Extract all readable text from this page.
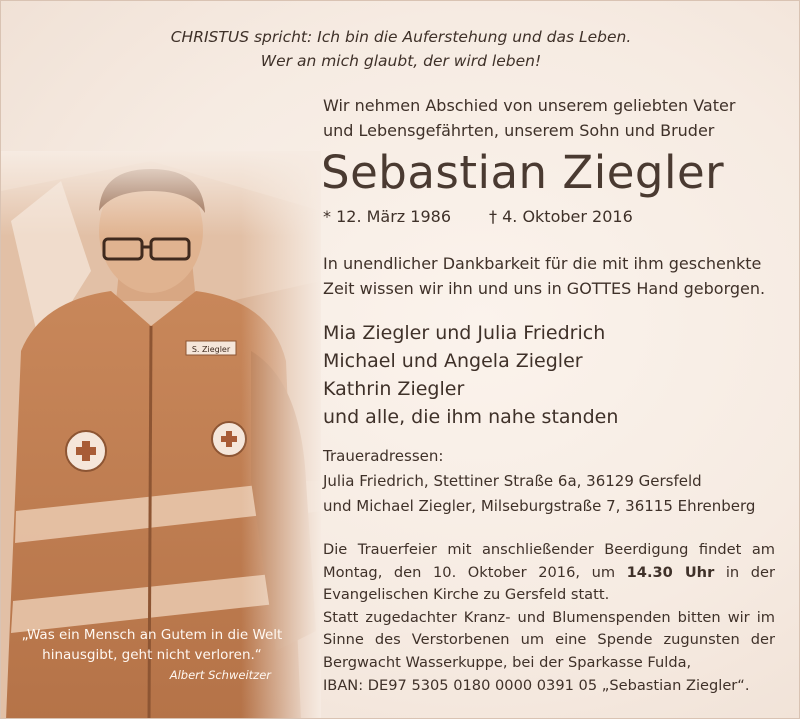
CHRISTUS spricht: Ich bin die Auferstehung und das Leben.
Wer an mich glaubt, der wird leben!
„Was ein Mensch an Gutem in die Welt
hinausgibt, geht nicht verloren.“
Albert Schweitzer
Wir nehmen Abschied von unserem geliebten Vater
und Lebensgefährten, unserem Sohn und Bruder
Sebastian Ziegler
* 12. März 1986 † 4. Oktober 2016
In unendlicher Dankbarkeit für die mit ihm geschenkte
Zeit wissen wir ihn und uns in GOTTES Hand geborgen.
Mia Ziegler und Julia Friedrich
Michael und Angela Ziegler
Kathrin Ziegler
und alle, die ihm nahe standen
Traueradressen:
Julia Friedrich, Stettiner Straße 6a, 36129 Gersfeld
und Michael Ziegler, Milseburgstraße 7, 36115 Ehrenberg

Die Trauerfeier mit anschließender Beerdigung findet am Montag, den 10. Oktober 2016, um 14.30 Uhr in der Evangelischen Kirche zu Gersfeld statt.

Statt zugedachter Kranz- und Blumenspenden bitten wir im Sinne des Verstorbenen um eine Spende zugunsten der Bergwacht Wasserkuppe, bei der Sparkasse Fulda,

IBAN: DE97 5305 0180 0000 0391 05 „Sebastian Ziegler“.
